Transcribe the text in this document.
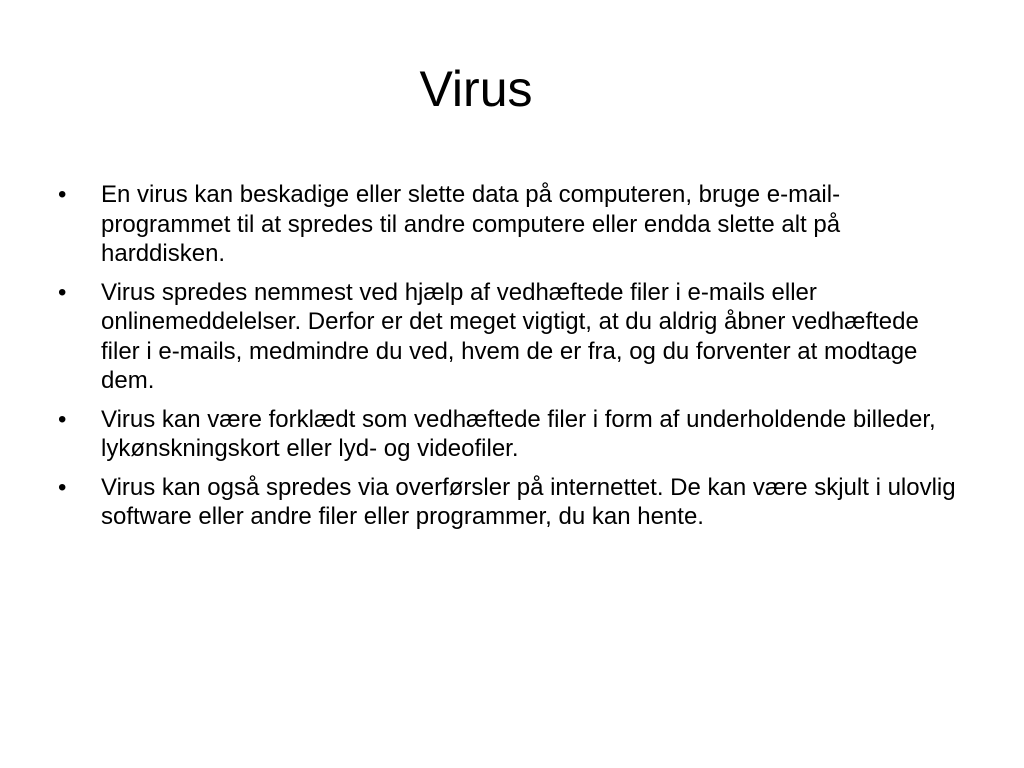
Virus
•	En virus kan beskadige eller slette data på computeren, bruge e-mail-programmet til at spredes til andre computere eller endda slette alt på harddisken.
•	Virus spredes nemmest ved hjælp af vedhæftede filer i e-mails eller onlinemeddelelser. Derfor er det meget vigtigt, at du aldrig åbner vedhæftede filer i e-mails, medmindre du ved, hvem de er fra, og du forventer at modtage dem.
•	Virus kan være forklædt som vedhæftede filer i form af underholdende billeder, lykønskningskort eller lyd- og videofiler.
•	Virus kan også spredes via overførsler på internettet. De kan være skjult i ulovlig software eller andre filer eller programmer, du kan hente.
